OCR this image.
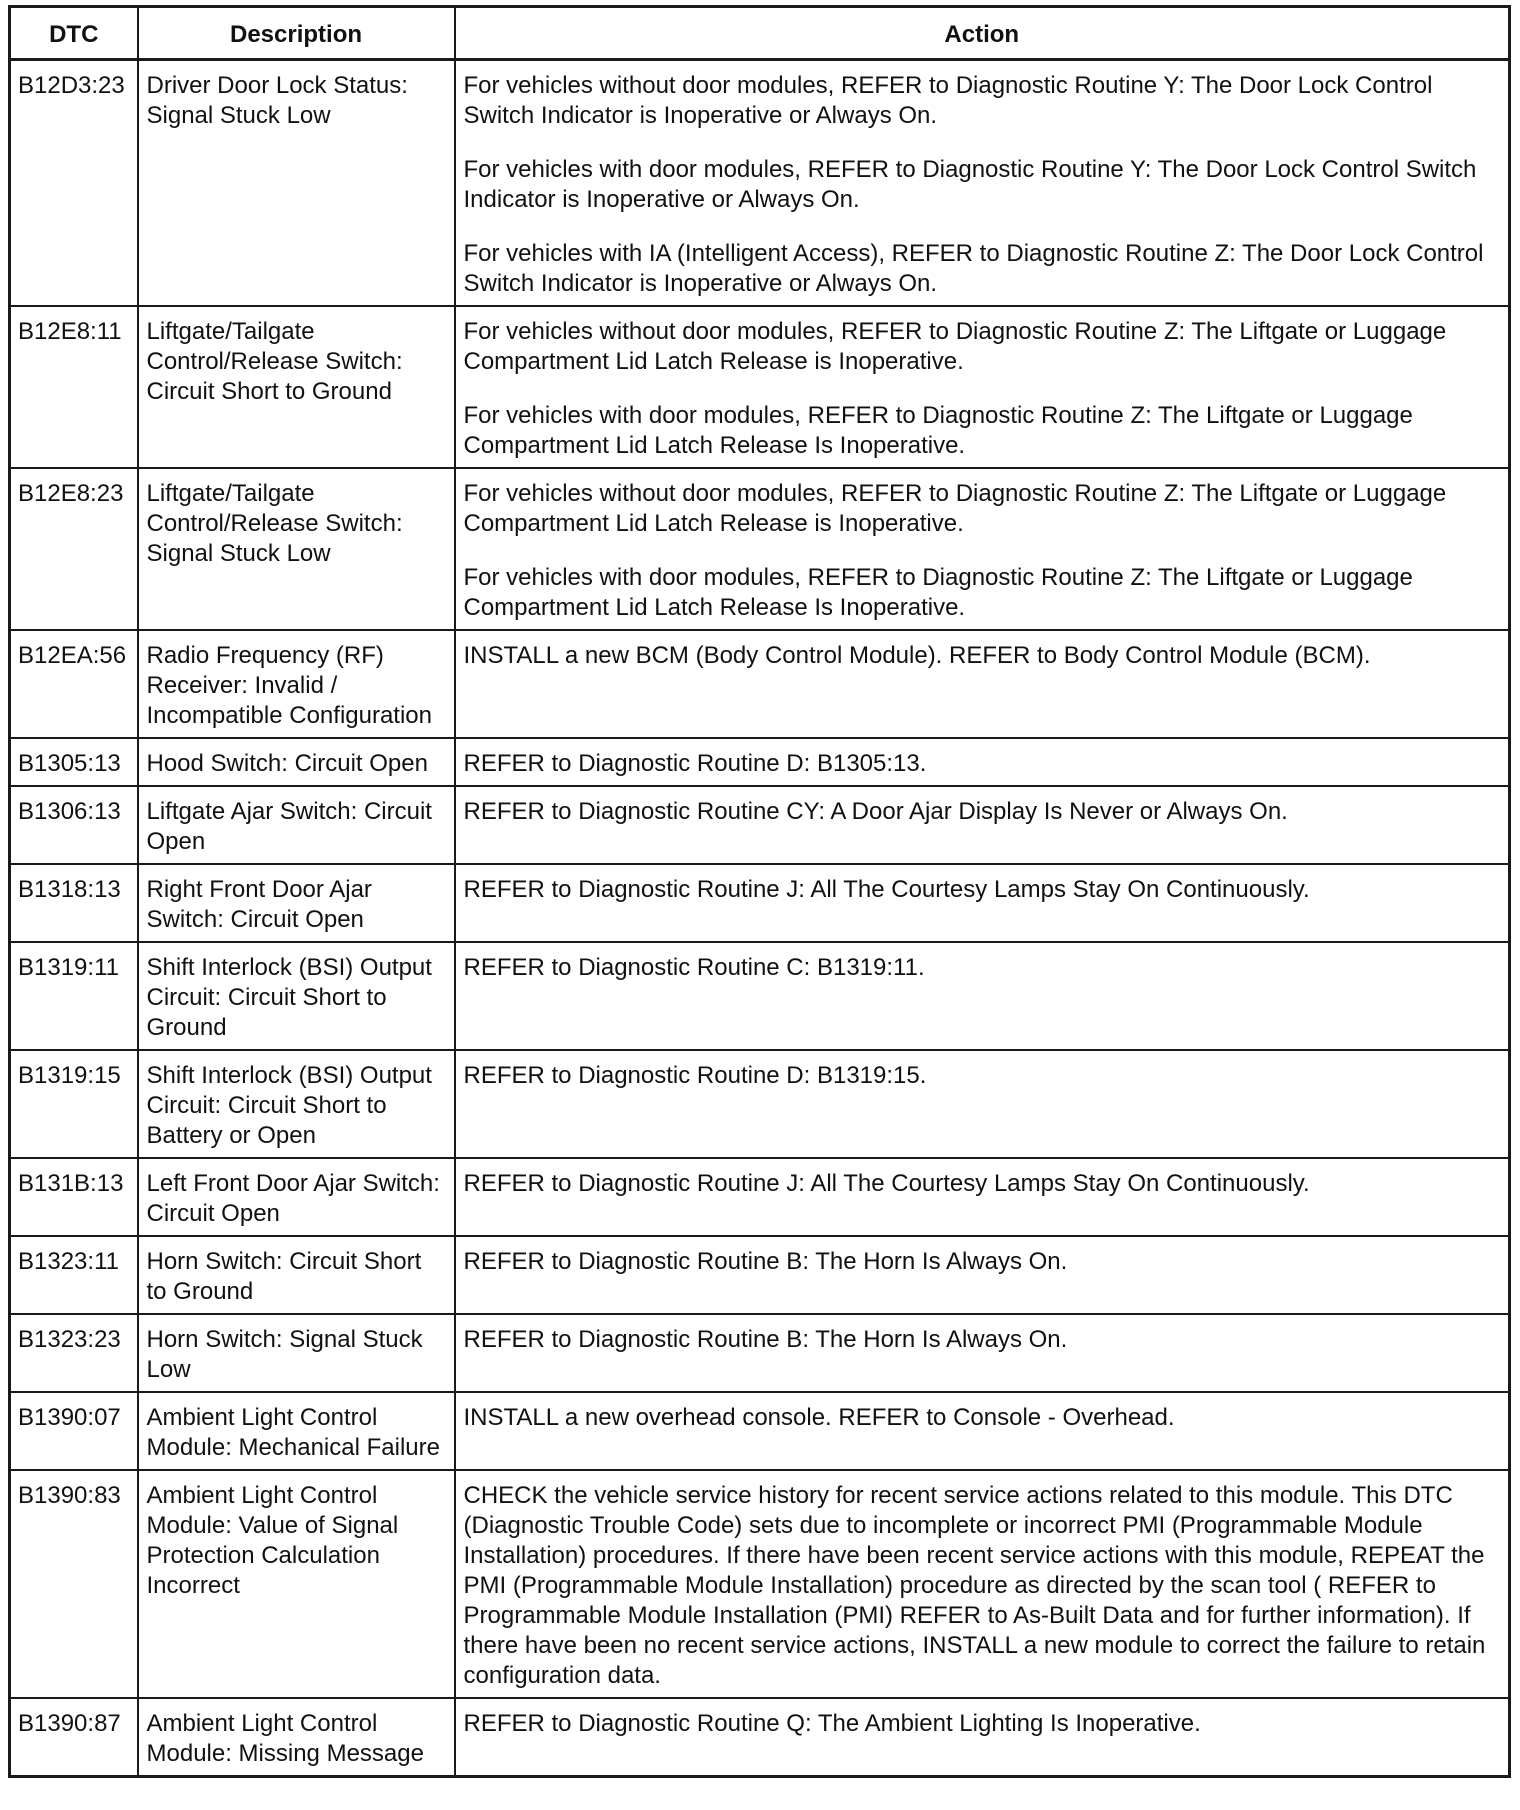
DTC	Description	Action
B12D3:23	Driver Door Lock Status: Signal Stuck Low	For vehicles without door modules, REFER to Diagnostic Routine Y: The Door Lock Control Switch Indicator is Inoperative or Always On.
For vehicles with door modules, REFER to Diagnostic Routine Y: The Door Lock Control Switch Indicator is Inoperative or Always On.
For vehicles with IA (Intelligent Access), REFER to Diagnostic Routine Z: The Door Lock Control Switch Indicator is Inoperative or Always On.

B12E8:11	Liftgate/Tailgate Control/Release Switch: Circuit Short to Ground	For vehicles without door modules, REFER to Diagnostic Routine Z: The Liftgate or Luggage Compartment Lid Latch Release is Inoperative.
For vehicles with door modules, REFER to Diagnostic Routine Z: The Liftgate or Luggage Compartment Lid Latch Release Is Inoperative.

B12E8:23	Liftgate/Tailgate Control/Release Switch: Signal Stuck Low	For vehicles without door modules, REFER to Diagnostic Routine Z: The Liftgate or Luggage Compartment Lid Latch Release is Inoperative.
For vehicles with door modules, REFER to Diagnostic Routine Z: The Liftgate or Luggage Compartment Lid Latch Release Is Inoperative.

B12EA:56	Radio Frequency (RF) Receiver: Invalid / Incompatible Configuration	INSTALL a new BCM (Body Control Module). REFER to Body Control Module (BCM).

B1305:13	Hood Switch: Circuit Open	REFER to Diagnostic Routine D: B1305:13.

B1306:13	Liftgate Ajar Switch: Circuit Open	REFER to Diagnostic Routine CY: A Door Ajar Display Is Never or Always On.

B1318:13	Right Front Door Ajar Switch: Circuit Open	REFER to Diagnostic Routine J: All The Courtesy Lamps Stay On Continuously.

B1319:11	Shift Interlock (BSI) Output Circuit: Circuit Short to Ground	REFER to Diagnostic Routine C: B1319:11.

B1319:15	Shift Interlock (BSI) Output Circuit: Circuit Short to Battery or Open	REFER to Diagnostic Routine D: B1319:15.

B131B:13	Left Front Door Ajar Switch: Circuit Open	REFER to Diagnostic Routine J: All The Courtesy Lamps Stay On Continuously.

B1323:11	Horn Switch: Circuit Short to Ground	REFER to Diagnostic Routine B: The Horn Is Always On.

B1323:23	Horn Switch: Signal Stuck Low	REFER to Diagnostic Routine B: The Horn Is Always On.

B1390:07	Ambient Light Control Module: Mechanical Failure	INSTALL a new overhead console. REFER to Console - Overhead.

B1390:83	Ambient Light Control Module: Value of Signal Protection Calculation Incorrect	CHECK the vehicle service history for recent service actions related to this module. This DTC (Diagnostic Trouble Code) sets due to incomplete or incorrect PMI (Programmable Module Installation) procedures. If there have been recent service actions with this module, REPEAT the PMI (Programmable Module Installation) procedure as directed by the scan tool ( REFER to Programmable Module Installation (PMI) REFER to As-Built Data and for further information). If there have been no recent service actions, INSTALL a new module to correct the failure to retain configuration data.

B1390:87	Ambient Light Control Module: Missing Message	REFER to Diagnostic Routine Q: The Ambient Lighting Is Inoperative.
